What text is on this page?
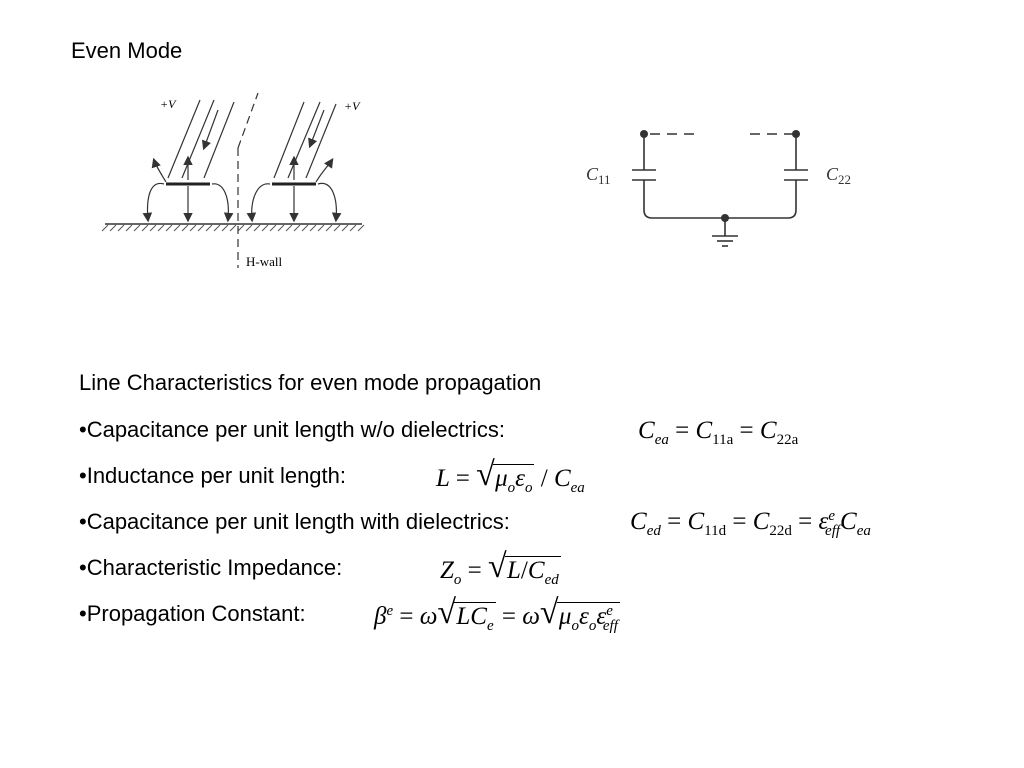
Even Mode
+V	+V
H-wall
$C_{11}$	$C_{22}$
Line Characteristics for even mode propagation
•Capacitance per unit length w/o dielectrics:
•Inductance per unit length:
•Capacitance per unit length with dielectrics:
•Characteristic Impedance:
•Propagation Constant:
$C_{ea} = C_{11a} = C_{22a}$
L = √ $\mu_o\varepsilon_o / C_{ea}$
$C_{ed} = C_{11d} = C_{22d} = \varepsilon^e_{eff}C_{ea}$
$Z_o$ = √ $L/C_{ed}$
$\beta^e = \omega√$ $LC_e = \omega√$ $\mu_o\varepsilon_o\varepsilon^e_{eff}$
